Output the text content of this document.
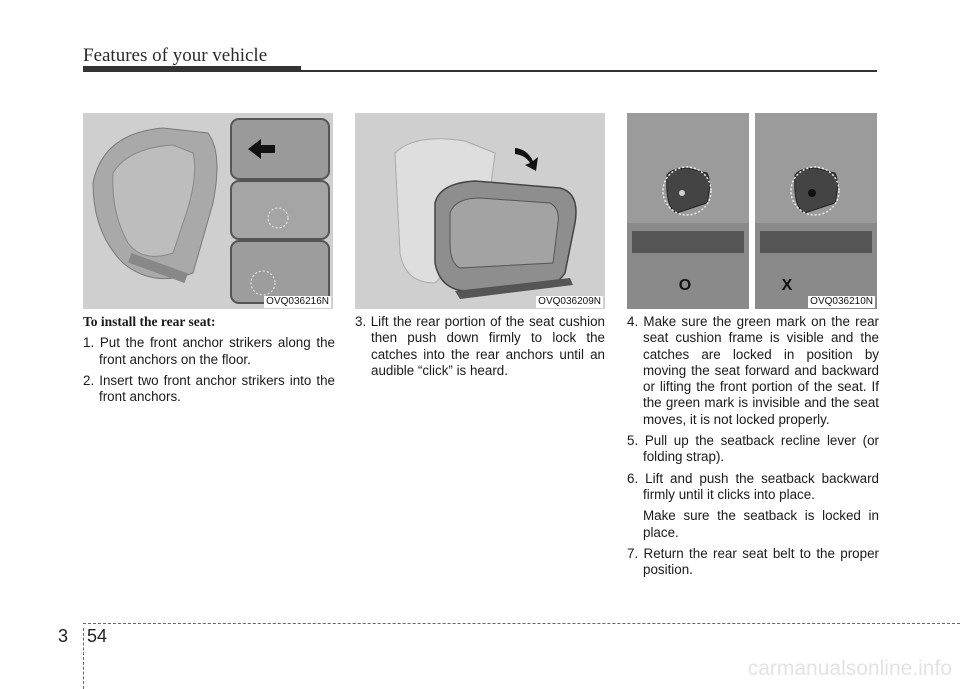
Features of your vehicle
OVQ036216N	OVQ036209N
O	X
OVQ036210N
To install the rear seat:

1. Put the front anchor strikers along the front anchors on the floor.

2. Insert two front anchor strikers into the front anchors.

3. Lift the rear portion of the seat cushion then push down firmly to lock the catches into the rear anchors until an audible “click” is heard.

4. Make sure the green mark on the rear seat cushion frame is visible and the catches are locked in position by moving the seat forward and backward or lifting the front portion of the seat. If the green mark is invisible and the seat moves, it is not locked properly.

5. Pull up the seatback recline lever (or folding strap).

6. Lift and push the seatback backward firmly until it clicks into place.

Make sure the seatback is locked in place.

7. Return the rear seat belt to the proper position.

3 54
carmanualsonline.info
